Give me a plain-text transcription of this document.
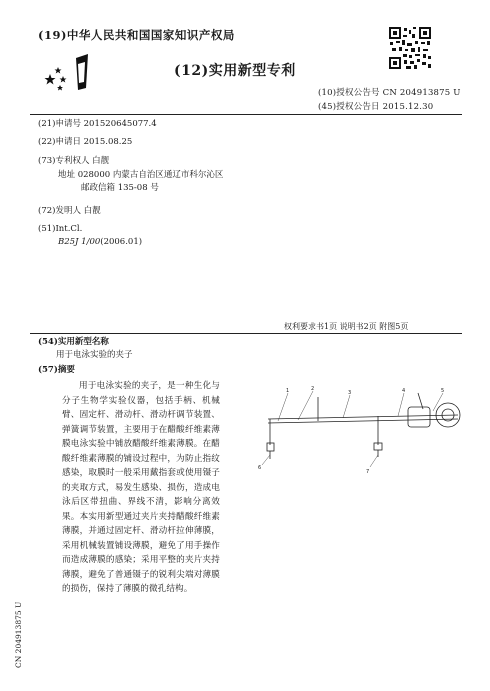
(19)中华人民共和国国家知识产权局
(12)实用新型专利
(10)授权公告号 CN 204913875 U
(45)授权公告日 2015.12.30
(21)申请号 201520645077.4
(22)申请日 2015.08.25
(73)专利权人 白靓
地址 028000 内蒙古自治区通辽市科尔沁区
邮政信箱 135-08 号
(72)发明人 白靓
(51)Int.Cl.
B25J 1/00(2006.01)
权利要求书1页 说明书2页 附图5页
(54)实用新型名称
用于电泳实验的夹子
(57)摘要
用于电泳实验的夹子，是一种生化与分子生物学实验仪器，包括手柄、机械臂、固定杆、滑动杆、滑动杆调节装置、弹簧调节装置，主要用于在醋酸纤维素薄膜电泳实验中铺放醋酸纤维素薄膜。在醋酸纤维素薄膜的铺设过程中，为防止指纹感染，取膜时一般采用戴指套或使用镊子的夹取方式，易发生感染、损伤，造成电泳后区带扭曲、界线不清，影响分离效果。本实用新型通过夹片夹持醋酸纤维素薄膜，并通过固定杆、滑动杆拉伸薄膜，采用机械装置铺设薄膜，避免了用手操作而造成薄膜的感染；采用平整的夹片夹持薄膜，避免了普通镊子的锐利尖端对薄膜的损伤，保持了薄膜的微孔结构。
1	2
3	4	5
6
7
CN 204913875 U
